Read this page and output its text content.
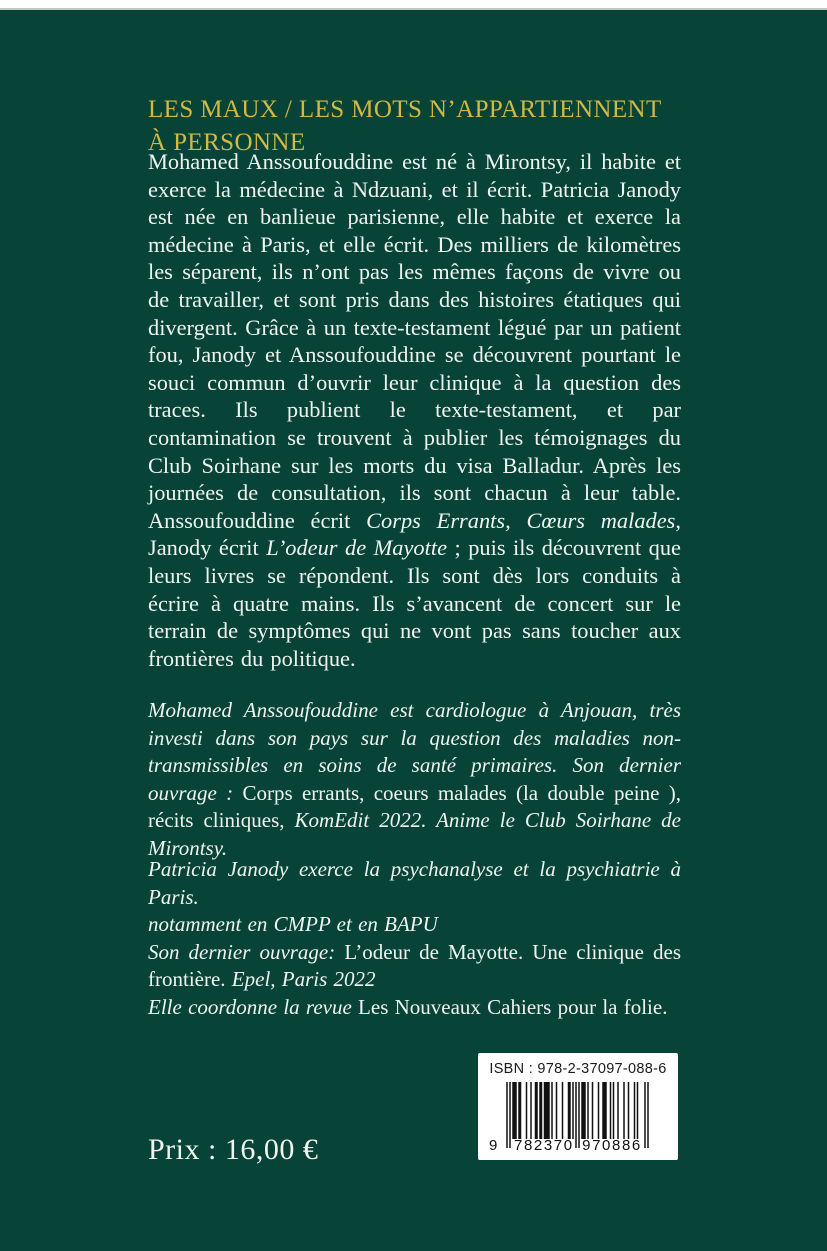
LES MAUX / LES MOTS N’APPARTIENNENT
À PERSONNE
Mohamed Anssoufouddine est né à Mirontsy, il habite et exerce la médecine à Ndzuani, et il écrit. Patricia Janody est née en banlieue parisienne, elle habite et exerce la médecine à Paris, et elle écrit. Des milliers de kilomètres les séparent, ils n’ont pas les mêmes façons de vivre ou de travailler, et sont pris dans des histoires étatiques qui divergent. Grâce à un texte-testament légué par un patient fou, Janody et Anssoufouddine se découvrent pourtant le souci commun d’ouvrir leur clinique à la question des traces. Ils publient le texte-testament, et par contamination se trouvent à publier les témoignages du Club Soirhane sur les morts du visa Balladur. Après les journées de consultation, ils sont chacun à leur table. Anssoufouddine écrit Corps Errants, Cœurs malades, Janody écrit L’odeur de Mayotte ; puis ils découvrent que leurs livres se répondent. Ils sont dès lors conduits à écrire à quatre mains. Ils s’avancent de concert sur le terrain de symptômes qui ne vont pas sans toucher aux frontières du politique.
Mohamed Anssoufouddine est cardiologue à Anjouan, très investi dans son pays sur la question des maladies non-transmissibles en soins de santé primaires. Son dernier ouvrage : Corps errants, coeurs malades (la double peine ), récits cliniques, KomEdit 2022. Anime le Club Soirhane de Mirontsy.
Patricia Janody exerce la psychanalyse et la psychiatrie à Paris.
notamment en CMPP et en BAPU
Son dernier ouvrage: L’odeur de Mayotte. Une clinique des frontière. Epel, Paris 2022
Elle coordonne la revue Les Nouveaux Cahiers pour la folie.
ISBN : 978-2-37097-088-6
9 782370 970886
Prix : 16,00 €
